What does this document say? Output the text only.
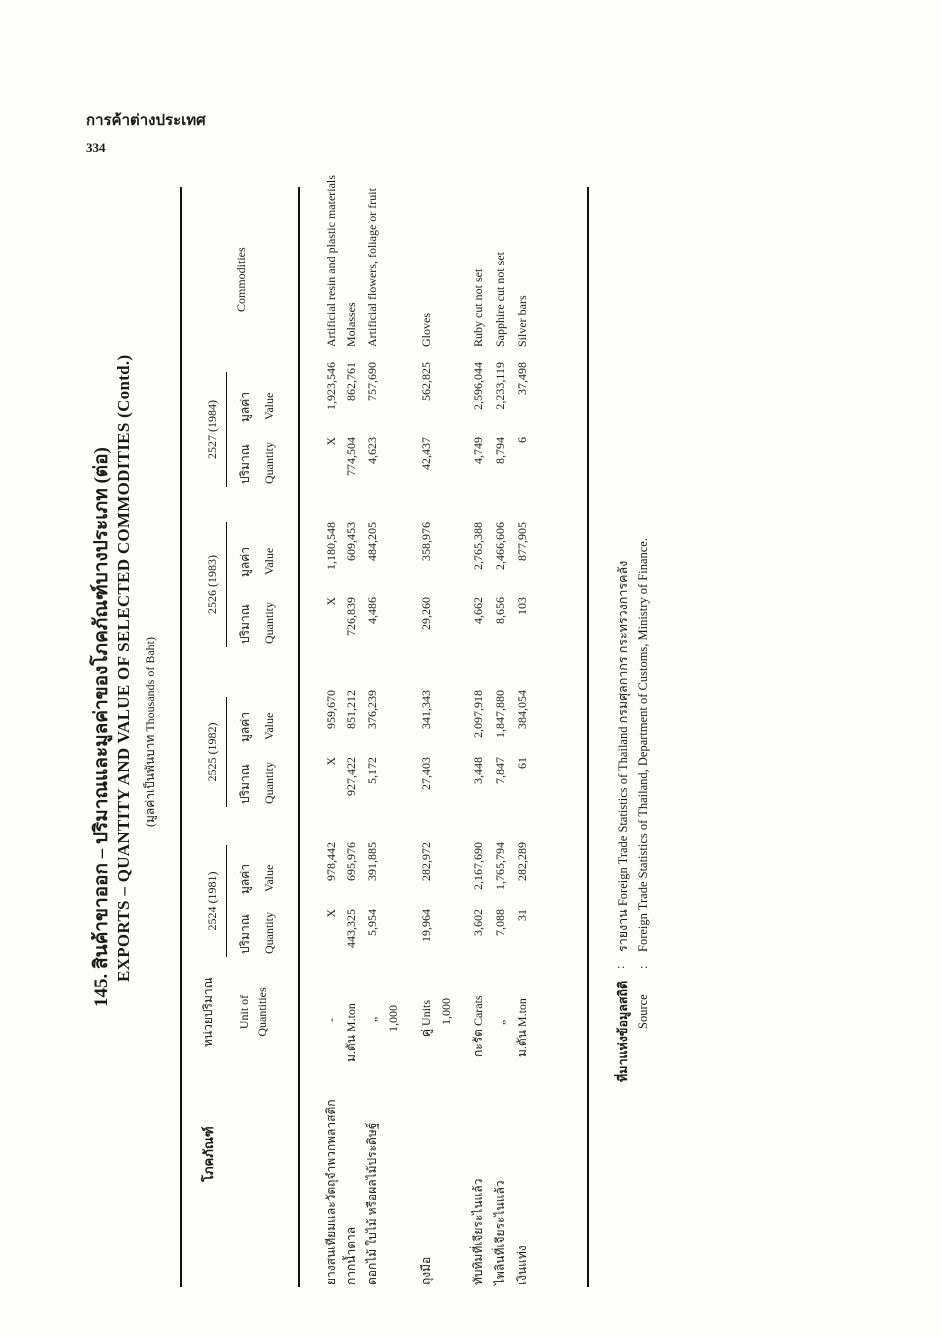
การค้าต่างประเทศ
334
145. สินค้าขาออก – ปริมาณและมูลค่าของโภคภัณฑ์บางประเภท (ต่อ) EXPORTS – QUANTITY AND VALUE OF SELECTED COMMODITIES (Contd.) (มูลค่าเป็นพันบาท Thousands of Baht)
โภคภัณฑ์
หน่วยปริมาณ Unit of Quantities
2524 (1981)
2525 (1982)
2526 (1983)
2527 (1984)
ปริมาณ
มูลค่า
Quantity
Value
ปริมาณ
มูลค่า
Quantity
Value
ปริมาณ
มูลค่า
Quantity
Value
ปริมาณ
มูลค่า
Quantity
Value
Commodities
ยางสนเทียมและวัตถุจำพวกพลาสติก
-
X
978,442
X
959,670
X
1,180,548
X
1,923,546
Artificial resin and plastic materials
กากน้ำตาล
ม.ตัน M.ton
443,325
695,976
927,422
851,212
726,839
609,453
774,504
862,761
Molasses
ดอกไม้ ใบไม้ หรือผลไม้ประดิษฐ์
„ 1,000
5,954
391,885
5,172
376,239
4,486
484,205
4,623
757,690
Artificial flowers, foliage or fruit
ถุงมือ
คู่ Units 1,000
19,964
282,972
27,403
341,343
29,260
358,976
42,437
562,825
Gloves
ทับทิมที่เจียระไนแล้ว
กะรัต Carats
3,602
2,167,690
3,448
2,097,918
4,662
2,765,388
4,749
2,596,044
Ruby cut not set
ไพลินที่เจียระไนแล้ว
„
7,088
1,765,794
7,847
1,847,880
8,656
2,466,606
8,794
2,233,119
Sapphire cut not set
เงินแท่ง
ม.ตัน M.ton
31
282,289
61
384,054
103
877,905
6
37,498
Silver bars
ที่มาแห่งข้อมูลสถิติ
:
รายงาน Foreign Trade Statistics of Thailand กรมศุลกากร กระทรวงการคลัง
Source
:
Foreign Trade Statistics of Thailand, Department of Customs, Ministry of Finance.
